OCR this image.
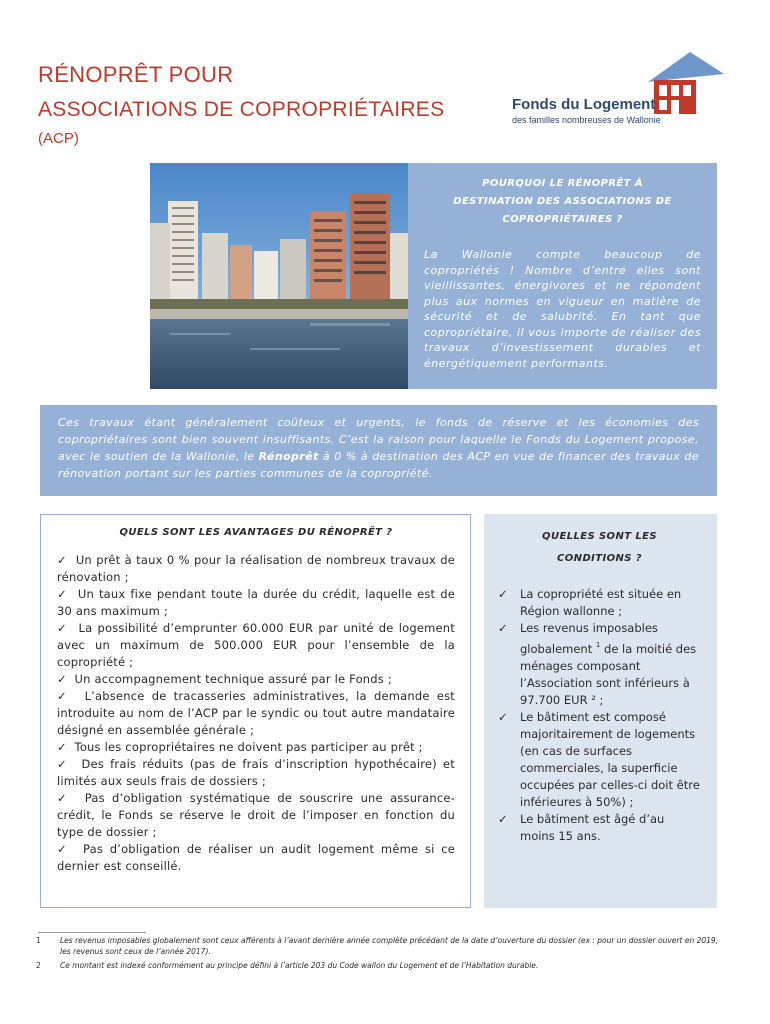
RÉNOPRÊT POUR
ASSOCIATIONS DE COPROPRIÉTAIRES
(ACP)
Fonds du Logement
des familles nombreuses de Wallonie
POURQUOI LE RÉNOPRÊT À
DESTINATION DES ASSOCIATIONS DE
COPROPRIÉTAIRES ?

La Wallonie compte beaucoup de copropriétés ! Nombre d’entre elles sont vieillissantes, énergivores et ne répondent plus aux normes en vigueur en matière de sécurité et de salubrité. En tant que copropriétaire, il vous importe de réaliser des travaux d’investissement durables et énergétiquement performants.

Ces travaux étant généralement coûteux et urgents, le fonds de réserve et les économies des copropriétaires sont bien souvent insuffisants. C’est la raison pour laquelle le Fonds du Logement propose, avec le soutien de la Wallonie, le Rénoprêt à 0 % à destination des ACP en vue de financer des travaux de rénovation portant sur les parties communes de la copropriété.
QUELS SONT LES AVANTAGES DU RÉNOPRÊT ?
✓  Un prêt à taux 0 % pour la réalisation de nombreux travaux de rénovation ;
✓  Un taux fixe pendant toute la durée du crédit, laquelle est de 30 ans maximum ;
✓  La possibilité d’emprunter 60.000 EUR par unité de logement avec un maximum de 500.000 EUR pour l’ensemble de la copropriété ;
✓  Un accompagnement technique assuré par le Fonds ;
✓  L’absence de tracasseries administratives, la demande est introduite au nom de l’ACP par le syndic ou tout autre mandataire désigné en assemblée générale ;
✓  Tous les copropriétaires ne doivent pas participer au prêt ;
✓  Des frais réduits (pas de frais d’inscription hypothécaire) et limités aux seuls frais de dossiers ;
✓  Pas d’obligation systématique de souscrire une assurance-crédit, le Fonds se réserve le droit de l’imposer en fonction du type de dossier ;
✓  Pas d’obligation de réaliser un audit logement même si ce dernier est conseillé.
QUELLES SONT LES
CONDITIONS ?
✓ La copropriété est située en Région wallonne ;
✓ Les revenus imposables globalement $^1$ de la moitié des ménages composant l’Association sont inférieurs à 97.700 EUR ² ;
✓ Le bâtiment est composé majoritairement de logements (en cas de surfaces commerciales, la superficie occupées par celles-ci doit être inférieures à 50%) ;
✓ Le bâtiment est âgé d’au moins 15 ans.
1	Les revenus imposables globalement sont ceux afférents à l’avant dernière année complète précédant de la date d’ouverture du dossier (ex : pour un dossier ouvert en 2019, les revenus sont ceux de l’année 2017).
2	Ce montant est indexé conformément au principe défini à l’article 203 du Code wallon du Logement et de l’Habitation durable.
